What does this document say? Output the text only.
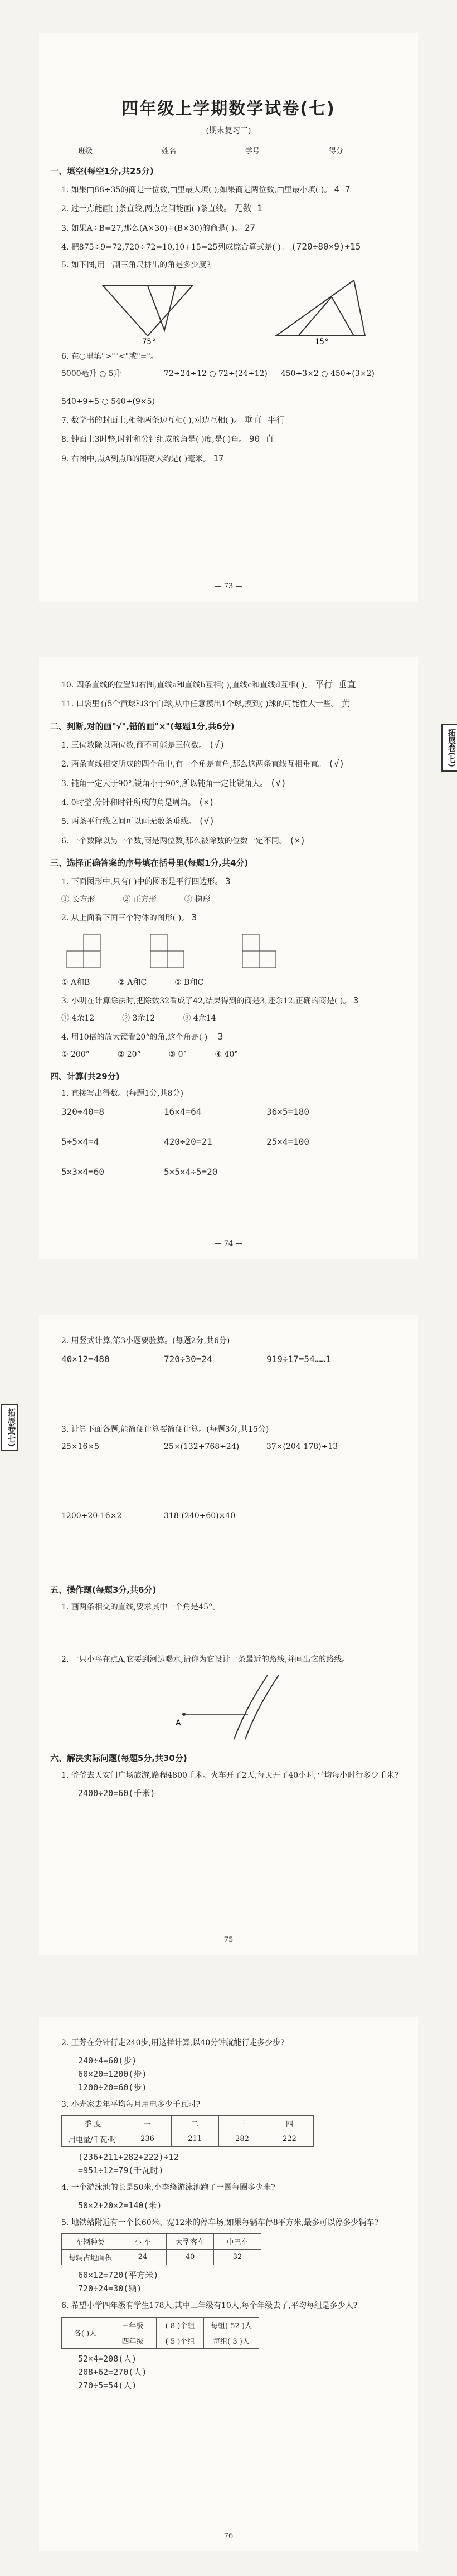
拓展卷(七)
拓展卷(七)
四年级上学期数学试卷(七)
(期末复习三)
班级	姓名	学号	得分
一、填空(每空1分,共25分)
1. 如果□88÷35的商是一位数,□里最大填( );如果商是两位数,□里最小填( )。 4 7
2. 过一点能画( )条直线,两点之间能画( )条直线。 无数 1
3. 如果A÷B=27,那么(A×30)÷(B×30)的商是( )。 27
4. 把875÷9=72,720÷72=10,10+15=25列成综合算式是( )。 (720÷80×9)+15
5. 如下图,用一副三角尺拼出的角是多少度?
75°	15°
6. 在○里填">""<"或"="。
5000毫升 ○ 5升	72÷24÷12 ○ 72÷(24÷12) 450÷3×2 ○ 450÷(3×2)
540÷9÷5 ○ 540÷(9×5)
7. 数学书的封面上,相邻两条边互相( ),对边互相( )。 垂直 平行
8. 钟面上3时整,时针和分针组成的角是( )度,是( )角。 90 直
9. 右图中,点A到点B的距离大约是( )毫米。 17
— 73 —
10. 四条直线的位置如右图,直线a和直线b互相( ),直线c和直线d互相( )。 平行 垂直
11. 口袋里有5个黄球和3个白球,从中任意摸出1个球,摸到( )球的可能性大一些。 黄
二、判断,对的画"√",错的画"×"(每题1分,共6分)
1. 三位数除以两位数,商不可能是三位数。 (√)
2. 两条直线相交所成的四个角中,有一个角是直角,那么这两条直线互相垂直。 (√)
3. 钝角一定大于90°,锐角小于90°,所以钝角一定比锐角大。 (√)
4. 0时整,分针和时针所成的角是周角。 (×)
5. 两条平行线之间可以画无数条垂线。 (√)
6. 一个数除以另一个数,商是两位数,那么被除数的位数一定不同。 (×)
三、选择正确答案的序号填在括号里(每题1分,共4分)
1. 下面图形中,只有( )中的图形是平行四边形。 3
① 长方形	② 正方形	③ 梯形
2. 从上面看下面三个物体的图形( )。 3
① A和B	② A和C	③ B和C
3. 小明在计算除法时,把除数32看成了42,结果得到的商是3,还余12,正确的商是( )。 3
① 4余12	② 3余12	③ 4余14
4. 用10倍的放大镜看20°的角,这个角是( )。 3
① 200°	② 20°	③ 0°	④ 40°
四、计算(共29分)
1. 直接写出得数。(每题1分,共8分)
320÷40=8	16×4=64	36×5=180
5÷5×4=4	420÷20=21	25×4=100
5×3×4=60	5×5×4÷5=20
— 74 —
2. 用竖式计算,第3小题要验算。(每题2分,共6分)
40×12=480	720÷30=24	919÷17=54……1
3. 计算下面各题,能简便计算要简便计算。(每题3分,共15分)
25×16×5	25×(132+768÷24)	37×(204-178)÷13
1200÷20-16×2	318-(240÷60)×40
五、操作题(每题3分,共6分)
1. 画两条相交的直线,要求其中一个角是45°。
2. 一只小鸟在点A,它要到河边喝水,请你为它设计一条最近的路线,并画出它的路线。
A
六、解决实际问题(每题5分,共30分)
1. 爷爷去天安门广场旅游,路程4800千米。火车开了2天,每天开了40小时,平均每小时行多少千米?
2400÷20=60(千米)
— 75 —
2. 王芳在分针行走240步,用这样计算,以40分钟就能行走多少步?
240÷4=60(步)
60×20=1200(步)
1200÷20=60(步)
3. 小光家去年平均每月用电多少千瓦时?
季 度	一	二	三	四
用电量/千瓦·时	236	211	282	222
(236+211+282+222)÷12
=951÷12=79(千瓦时)
4. 一个游泳池的长是50米,小李绕游泳池跑了一圈每圈多少米?
50×2+20×2=140(米)
5. 地铁站附近有一个长60米、宽12米的停车场,如果每辆车停8平方米,最多可以停多少辆车?
车辆种类	小 车	大型客车	中巴车
每辆占地面积	24	40	32
60×12=720(平方米)
720÷24=30(辆)
6. 希望小学四年级有学生178人,其中三年级有10人,每个年级去了,平均每组是多少人?
各( )人	三年级	( 8 )个组	每组( 52 )人
	四年级	( 5 )个组	每组( 3 )人
52×4=208(人)
208+62=270(人)
270÷5=54(人)
— 76 —
